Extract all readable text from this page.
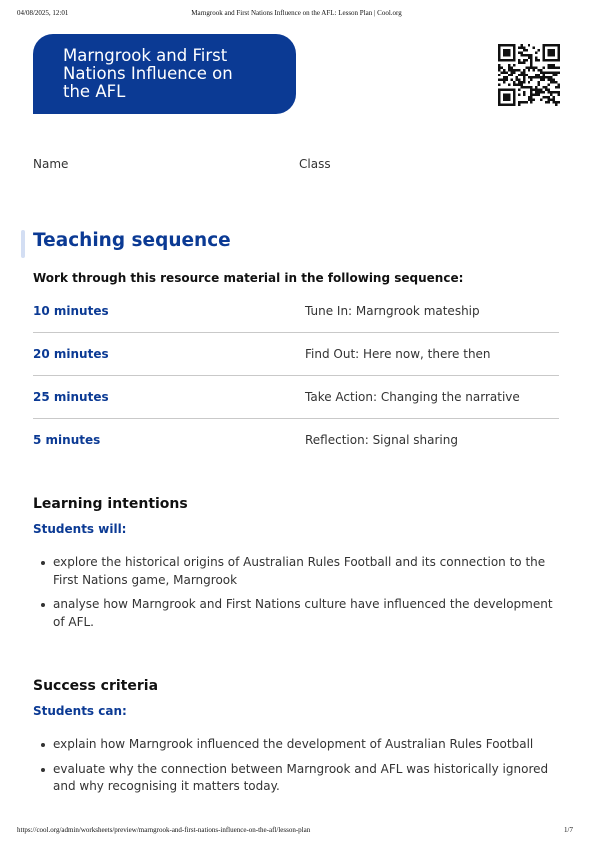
04/08/2025, 12:01	Marngrook and First Nations Influence on the AFL: Lesson Plan | Cool.org
Marngrook and First Nations Influence on the AFL
Name	Class
Teaching sequence
Work through this resource material in the following sequence:
10 minutes	Tune In: Marngrook mateship
20 minutes	Find Out: Here now, there then
25 minutes	Take Action: Changing the narrative
5 minutes	Reflection: Signal sharing
Learning intentions
Students will:
explore the historical origins of Australian Rules Football and its connection to the First Nations game, Marngrook
analyse how Marngrook and First Nations culture have influenced the development of AFL.
Success criteria
Students can:
explain how Marngrook influenced the development of Australian Rules Football
evaluate why the connection between Marngrook and AFL was historically ignored and why recognising it matters today.
https://cool.org/admin/worksheets/preview/marngrook-and-first-nations-influence-on-the-afl/lesson-plan	1/7
